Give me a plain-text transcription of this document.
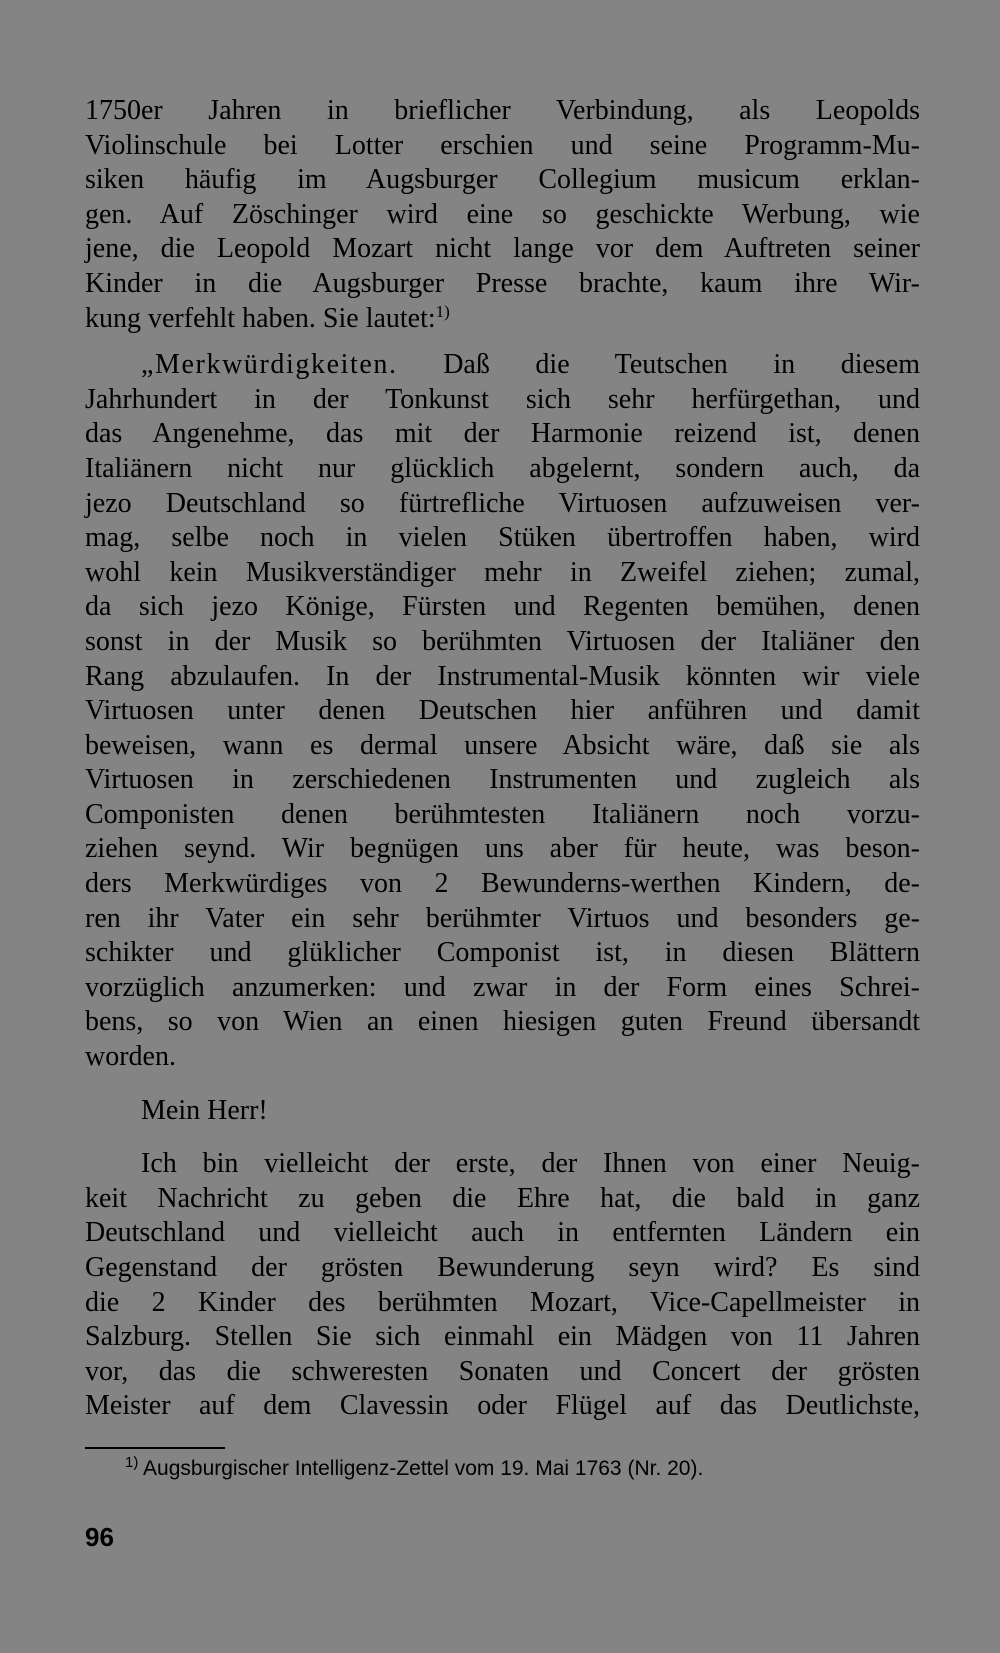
1750er Jahren in brieflicher Verbindung, als Leopolds
Violinschule bei Lotter erschien und seine Programm-Mu-
siken häufig im Augsburger Collegium musicum erklan-
gen. Auf Zöschinger wird eine so geschickte Werbung, wie
jene, die Leopold Mozart nicht lange vor dem Auftreten seiner
Kinder in die Augsburger Presse brachte, kaum ihre Wir-
kung verfehlt haben. Sie lautet:$^{1)}$

„Merkwürdigkeiten. Daß die Teutschen in diesem
Jahrhundert in der Tonkunst sich sehr herfürgethan, und
das Angenehme, das mit der Harmonie reizend ist, denen
Italiänern nicht nur glücklich abgelernt, sondern auch, da
jezo Deutschland so fürtrefliche Virtuosen aufzuweisen ver-
mag, selbe noch in vielen Stüken übertroffen haben, wird
wohl kein Musikverständiger mehr in Zweifel ziehen; zumal,
da sich jezo Könige, Fürsten und Regenten bemühen, denen
sonst in der Musik so berühmten Virtuosen der Italiäner den
Rang abzulaufen. In der Instrumental-Musik könnten wir viele
Virtuosen unter denen Deutschen hier anführen und damit
beweisen, wann es dermal unsere Absicht wäre, daß sie als
Virtuosen in zerschiedenen Instrumenten und zugleich als
Componisten denen berühmtesten Italiänern noch vorzu-
ziehen seynd. Wir begnügen uns aber für heute, was beson-
ders Merkwürdiges von 2 Bewunderns-werthen Kindern, de-
ren ihr Vater ein sehr berühmter Virtuos und besonders ge-
schikter und glüklicher Componist ist, in diesen Blättern
vorzüglich anzumerken: und zwar in der Form eines Schrei-
bens, so von Wien an einen hiesigen guten Freund übersandt
worden.

Mein Herr!

Ich bin vielleicht der erste, der Ihnen von einer Neuig-
keit Nachricht zu geben die Ehre hat, die bald in ganz
Deutschland und vielleicht auch in entfernten Ländern ein
Gegenstand der grösten Bewunderung seyn wird? Es sind
die 2 Kinder des berühmten Mozart, Vice-Capellmeister in
Salzburg. Stellen Sie sich einmahl ein Mädgen von 11 Jahren
vor, das die schweresten Sonaten und Concert der grösten
Meister auf dem Clavessin oder Flügel auf das Deutlichste,

$^{1)}$ Augsburgischer Intelligenz-Zettel vom 19. Mai 1763 (Nr. 20).
96
